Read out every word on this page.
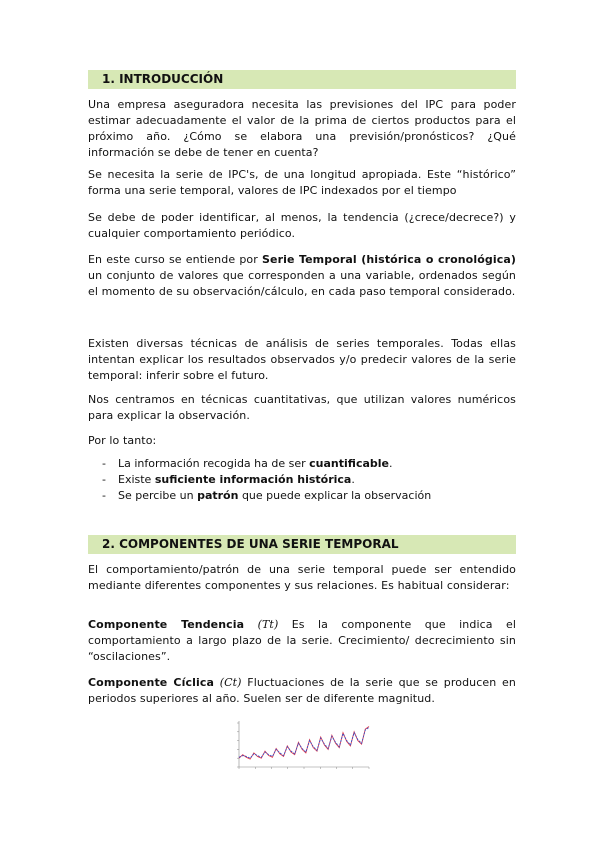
1. INTRODUCCIÓN

Una empresa aseguradora necesita las previsiones del IPC para poder estimar adecuadamente el valor de la prima de ciertos productos para el próximo año. ¿Cómo se elabora una previsión/pronósticos? ¿Qué información se debe de tener en cuenta?

Se necesita la serie de IPC's, de una longitud apropiada. Este “histórico” forma una serie temporal, valores de IPC indexados por el tiempo

Se debe de poder identificar, al menos, la tendencia (¿crece/decrece?) y cualquier comportamiento periódico.

En este curso se entiende por Serie Temporal (histórica o cronológica) un conjunto de valores que corresponden a una variable, ordenados según el momento de su observación/cálculo, en cada paso temporal considerado.

Existen diversas técnicas de análisis de series temporales. Todas ellas intentan explicar los resultados observados y/o predecir valores de la serie temporal: inferir sobre el futuro.

Nos centramos en técnicas cuantitativas, que utilizan valores numéricos para explicar la observación.

Por lo tanto:

- La información recogida ha de ser cuantificable.
- Existe suficiente información histórica.
- Se percibe un patrón que puede explicar la observación
2. COMPONENTES DE UNA SERIE TEMPORAL

El comportamiento/patrón de una serie temporal puede ser entendido mediante diferentes componentes y sus relaciones. Es habitual considerar:

Componente Tendencia (Tt) Es la componente que indica el comportamiento a largo plazo de la serie. Crecimiento/ decrecimiento sin “oscilaciones”.

Componente Cíclica (Ct) Fluctuaciones de la serie que se producen en periodos superiores al año. Suelen ser de diferente magnitud.
